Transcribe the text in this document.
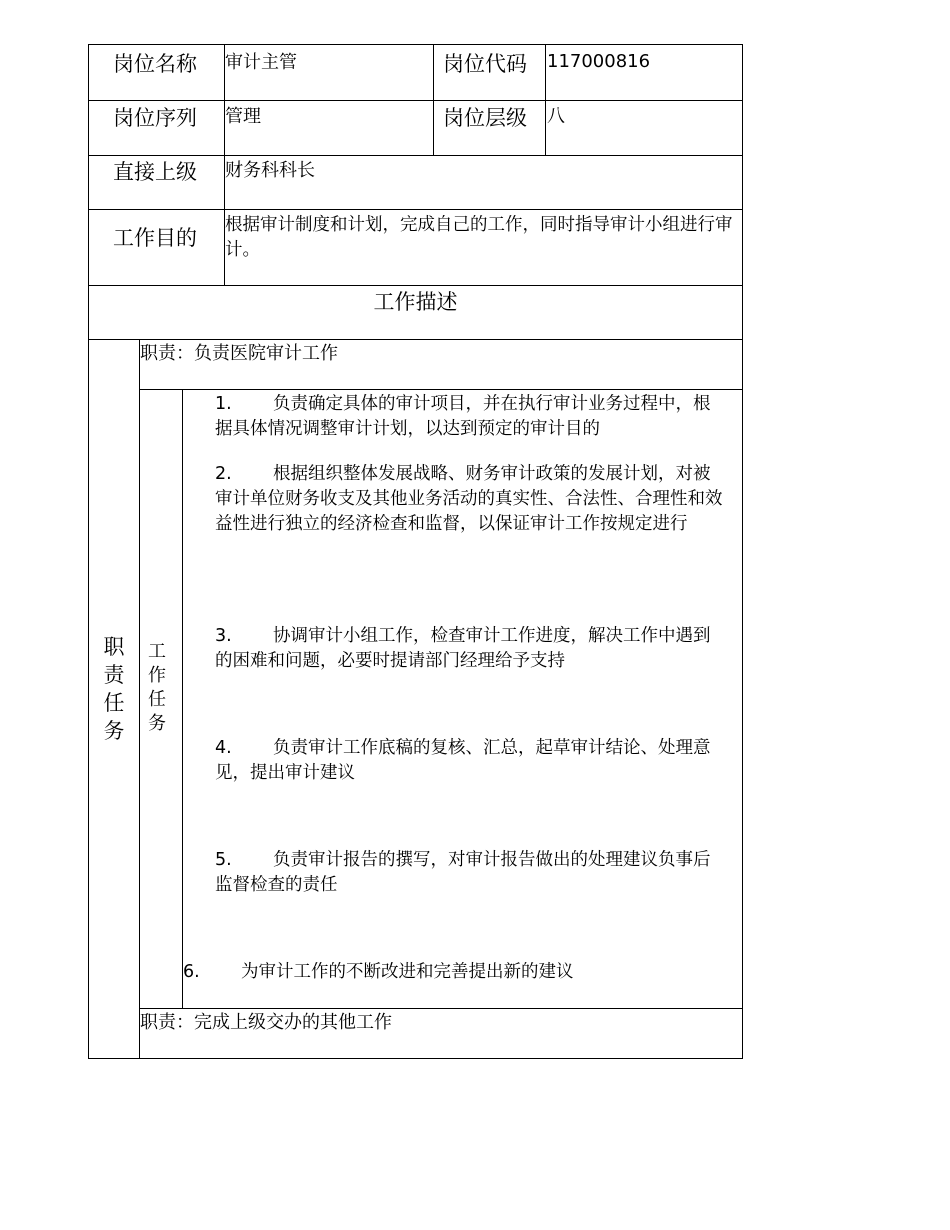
岗位名称 审计主管	岗位代码 117000816
岗位序列 管理	岗位层级 八
直接上级 财务科科长
工作目的
根据审计制度和计划，完成自己的工作，同时指导审计小组进行审计。
工作描述
职责任务
工作任务
职责：负责医院审计工作
1. 负责确定具体的审计项目，并在执行审计业务过程中，根据具体情况调整审计计划，以达到预定的审计目的
2. 根据组织整体发展战略、财务审计政策的发展计划，对被审计单位财务收支及其他业务活动的真实性、合法性、合理性和效益性进行独立的经济检查和监督，以保证审计工作按规定进行
3. 协调审计小组工作，检查审计工作进度，解决工作中遇到的困难和问题，必要时提请部门经理给予支持
4. 负责审计工作底稿的复核、汇总，起草审计结论、处理意见，提出审计建议
5. 负责审计报告的撰写，对审计报告做出的处理建议负事后监督检查的责任
6. 为审计工作的不断改进和完善提出新的建议
职责：完成上级交办的其他工作
